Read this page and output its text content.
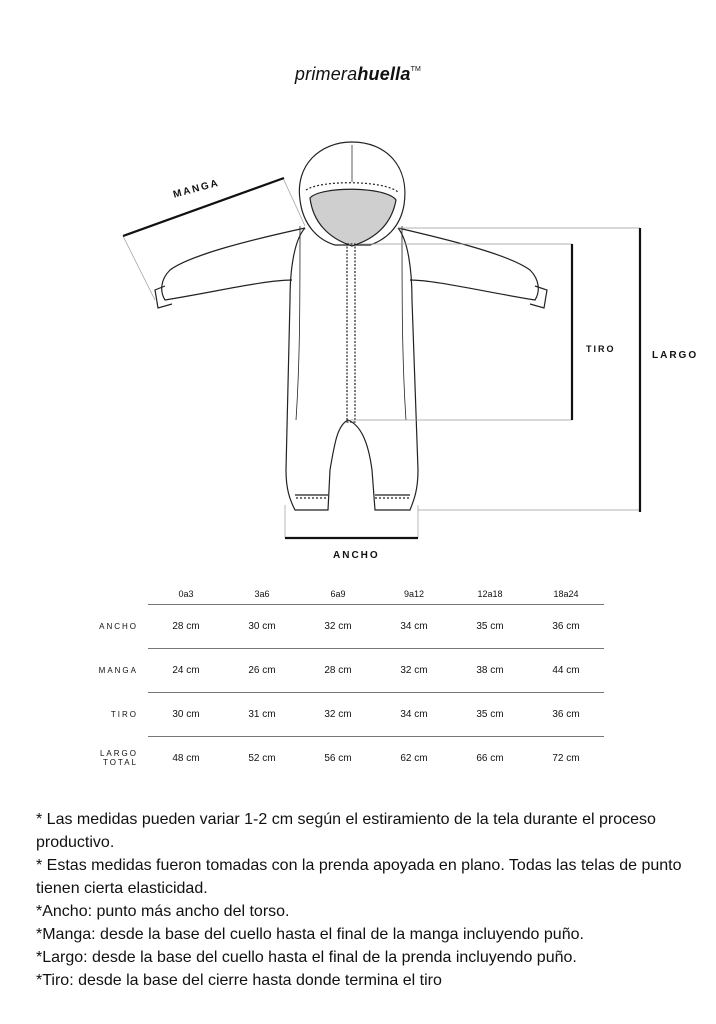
primerahuella™
MANGA
TIRO
LARGO
ANCHO
	0a3	3a6	6a9	9a12	12a18	18a24
ANCHO	28 cm	30 cm	32 cm	34 cm	35 cm	36 cm
MANGA	24 cm	26 cm	28 cm	32 cm	38 cm	44 cm
TIRO	30 cm	31 cm	32 cm	34 cm	35 cm	36 cm
LARGO TOTAL	48 cm	52 cm	56 cm	62 cm	66 cm	72 cm

* Las medidas pueden variar 1-2 cm según el estiramiento de la tela durante el proceso productivo.

* Estas medidas fueron tomadas con la prenda apoyada en plano. Todas las telas de punto tienen cierta elasticidad.

*Ancho: punto más ancho del torso.

*Manga: desde la base del cuello hasta el final de la manga incluyendo puño.

*Largo: desde la base del cuello hasta el final de la prenda incluyendo puño.

*Tiro: desde la base del cierre hasta donde termina el tiro
